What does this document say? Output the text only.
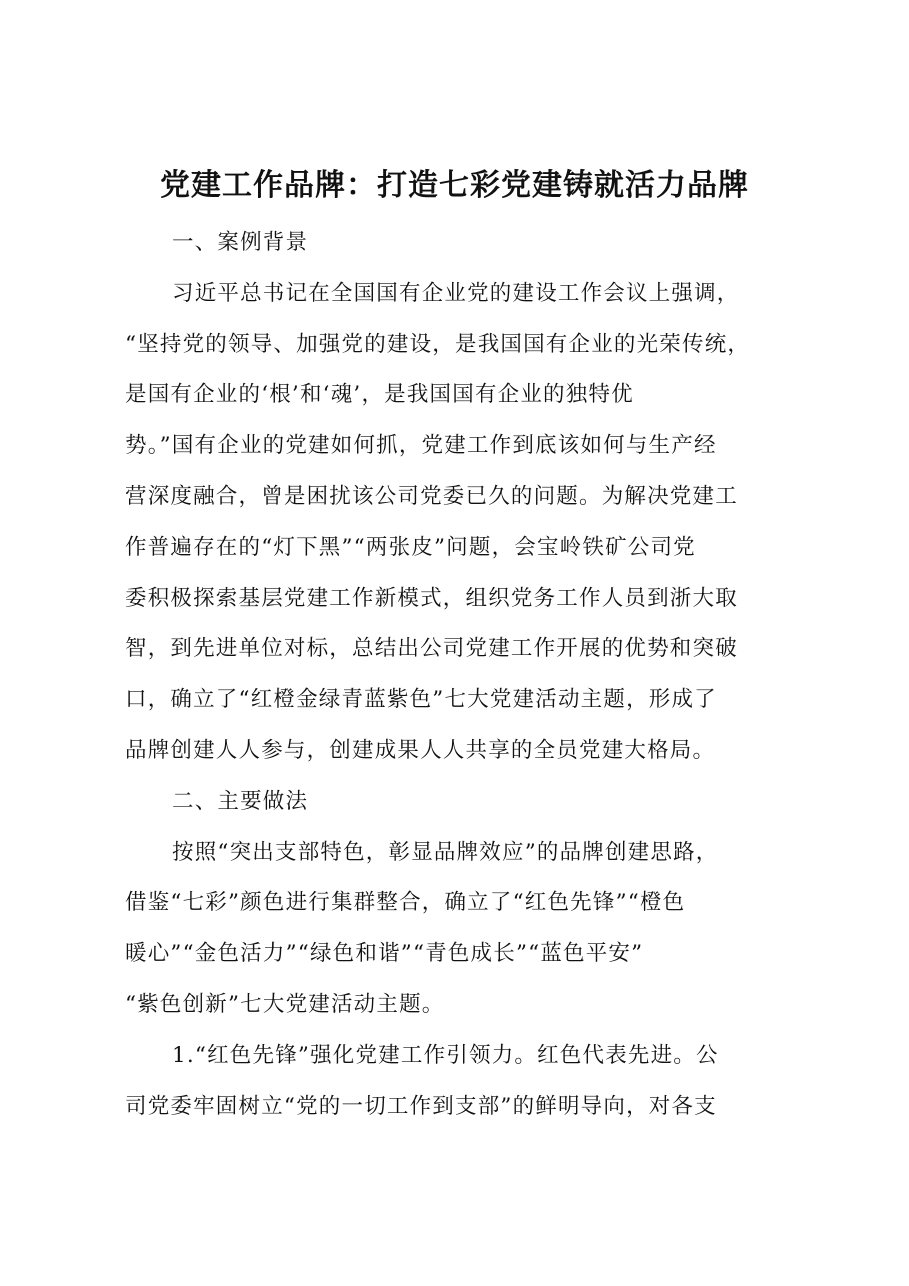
党建工作品牌：打造七彩党建铸就活力品牌
一、案例背景
习近平总书记在全国国有企业党的建设工作会议上强调，
“坚持党的领导、加强党的建设，是我国国有企业的光荣传统，
是国有企业的‘根’和‘魂’，是我国国有企业的独特优
势。”国有企业的党建如何抓，党建工作到底该如何与生产经
营深度融合，曾是困扰该公司党委已久的问题。为解决党建工
作普遍存在的“灯下黑”“两张皮”问题，会宝岭铁矿公司党
委积极探索基层党建工作新模式，组织党务工作人员到浙大取
智，到先进单位对标，总结出公司党建工作开展的优势和突破
口，确立了“红橙金绿青蓝紫色”七大党建活动主题，形成了
品牌创建人人参与，创建成果人人共享的全员党建大格局。
二、主要做法
按照“突出支部特色，彰显品牌效应”的品牌创建思路，
借鉴“七彩”颜色进行集群整合，确立了“红色先锋”“橙色
暖心”“金色活力”“绿色和谐”“青色成长”“蓝色平安”
“紫色创新”七大党建活动主题。
1.“红色先锋”强化党建工作引领力。红色代表先进。公
司党委牢固树立“党的一切工作到支部”的鲜明导向，对各支
